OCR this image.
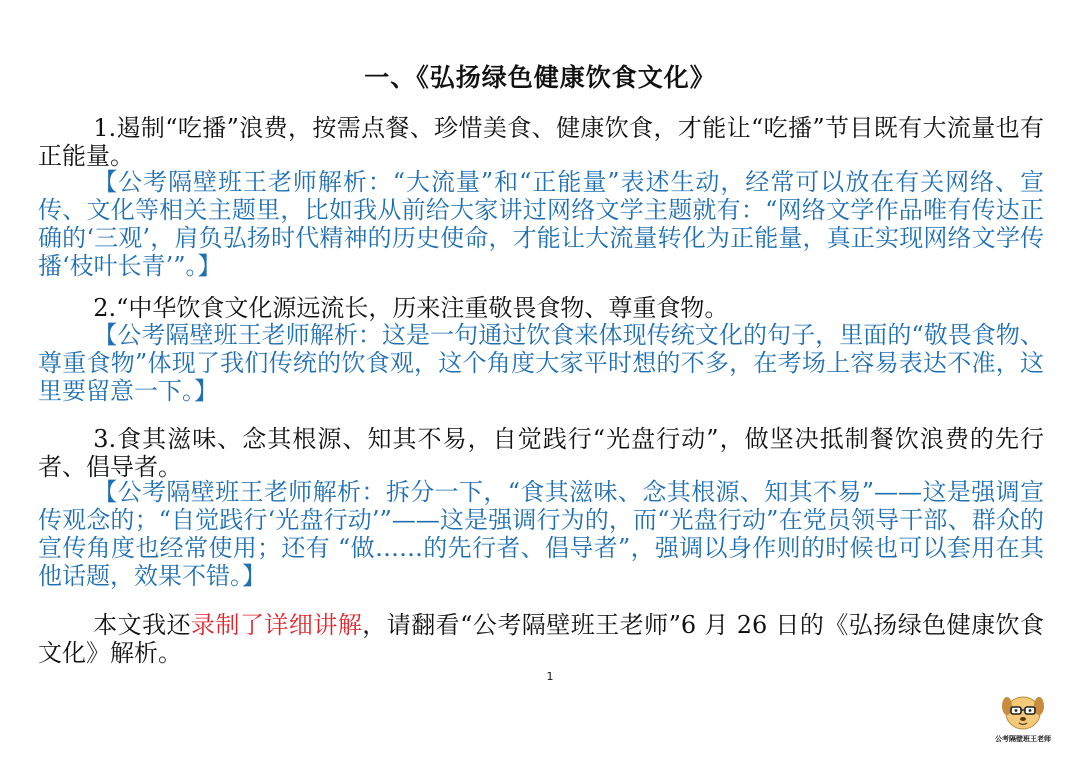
一、《弘扬绿色健康饮食文化》
1.遏制“吃播”浪费，按需点餐、珍惜美食、健康饮食，才能让“吃播”节目既有大流量也有正能量。
【公考隔壁班王老师解析：“大流量”和“正能量”表述生动，经常可以放在有关网络、宣传、文化等相关主题里，比如我从前给大家讲过网络文学主题就有：“网络文学作品唯有传达正确的‘三观’，肩负弘扬时代精神的历史使命，才能让大流量转化为正能量，真正实现网络文学传播‘枝叶长青’”。】
2.“中华饮食文化源远流长，历来注重敬畏食物、尊重食物。
【公考隔壁班王老师解析：这是一句通过饮食来体现传统文化的句子，里面的“敬畏食物、尊重食物”体现了我们传统的饮食观，这个角度大家平时想的不多，在考场上容易表达不准，这里要留意一下。】
3.食其滋味、念其根源、知其不易，自觉践行“光盘行动”，做坚决抵制餐饮浪费的先行者、倡导者。
【公考隔壁班王老师解析：拆分一下，“食其滋味、念其根源、知其不易”——这是强调宣传观念的；“自觉践行‘光盘行动’”——这是强调行为的，而“光盘行动”在党员领导干部、群众的宣传角度也经常使用；还有 “做……的先行者、倡导者”，强调以身作则的时候也可以套用在其他话题，效果不错。】
本文我还录制了详细讲解，请翻看“公考隔壁班王老师”6 月 26 日的《弘扬绿色健康饮食文化》解析。
1
公考隔壁班王老师
